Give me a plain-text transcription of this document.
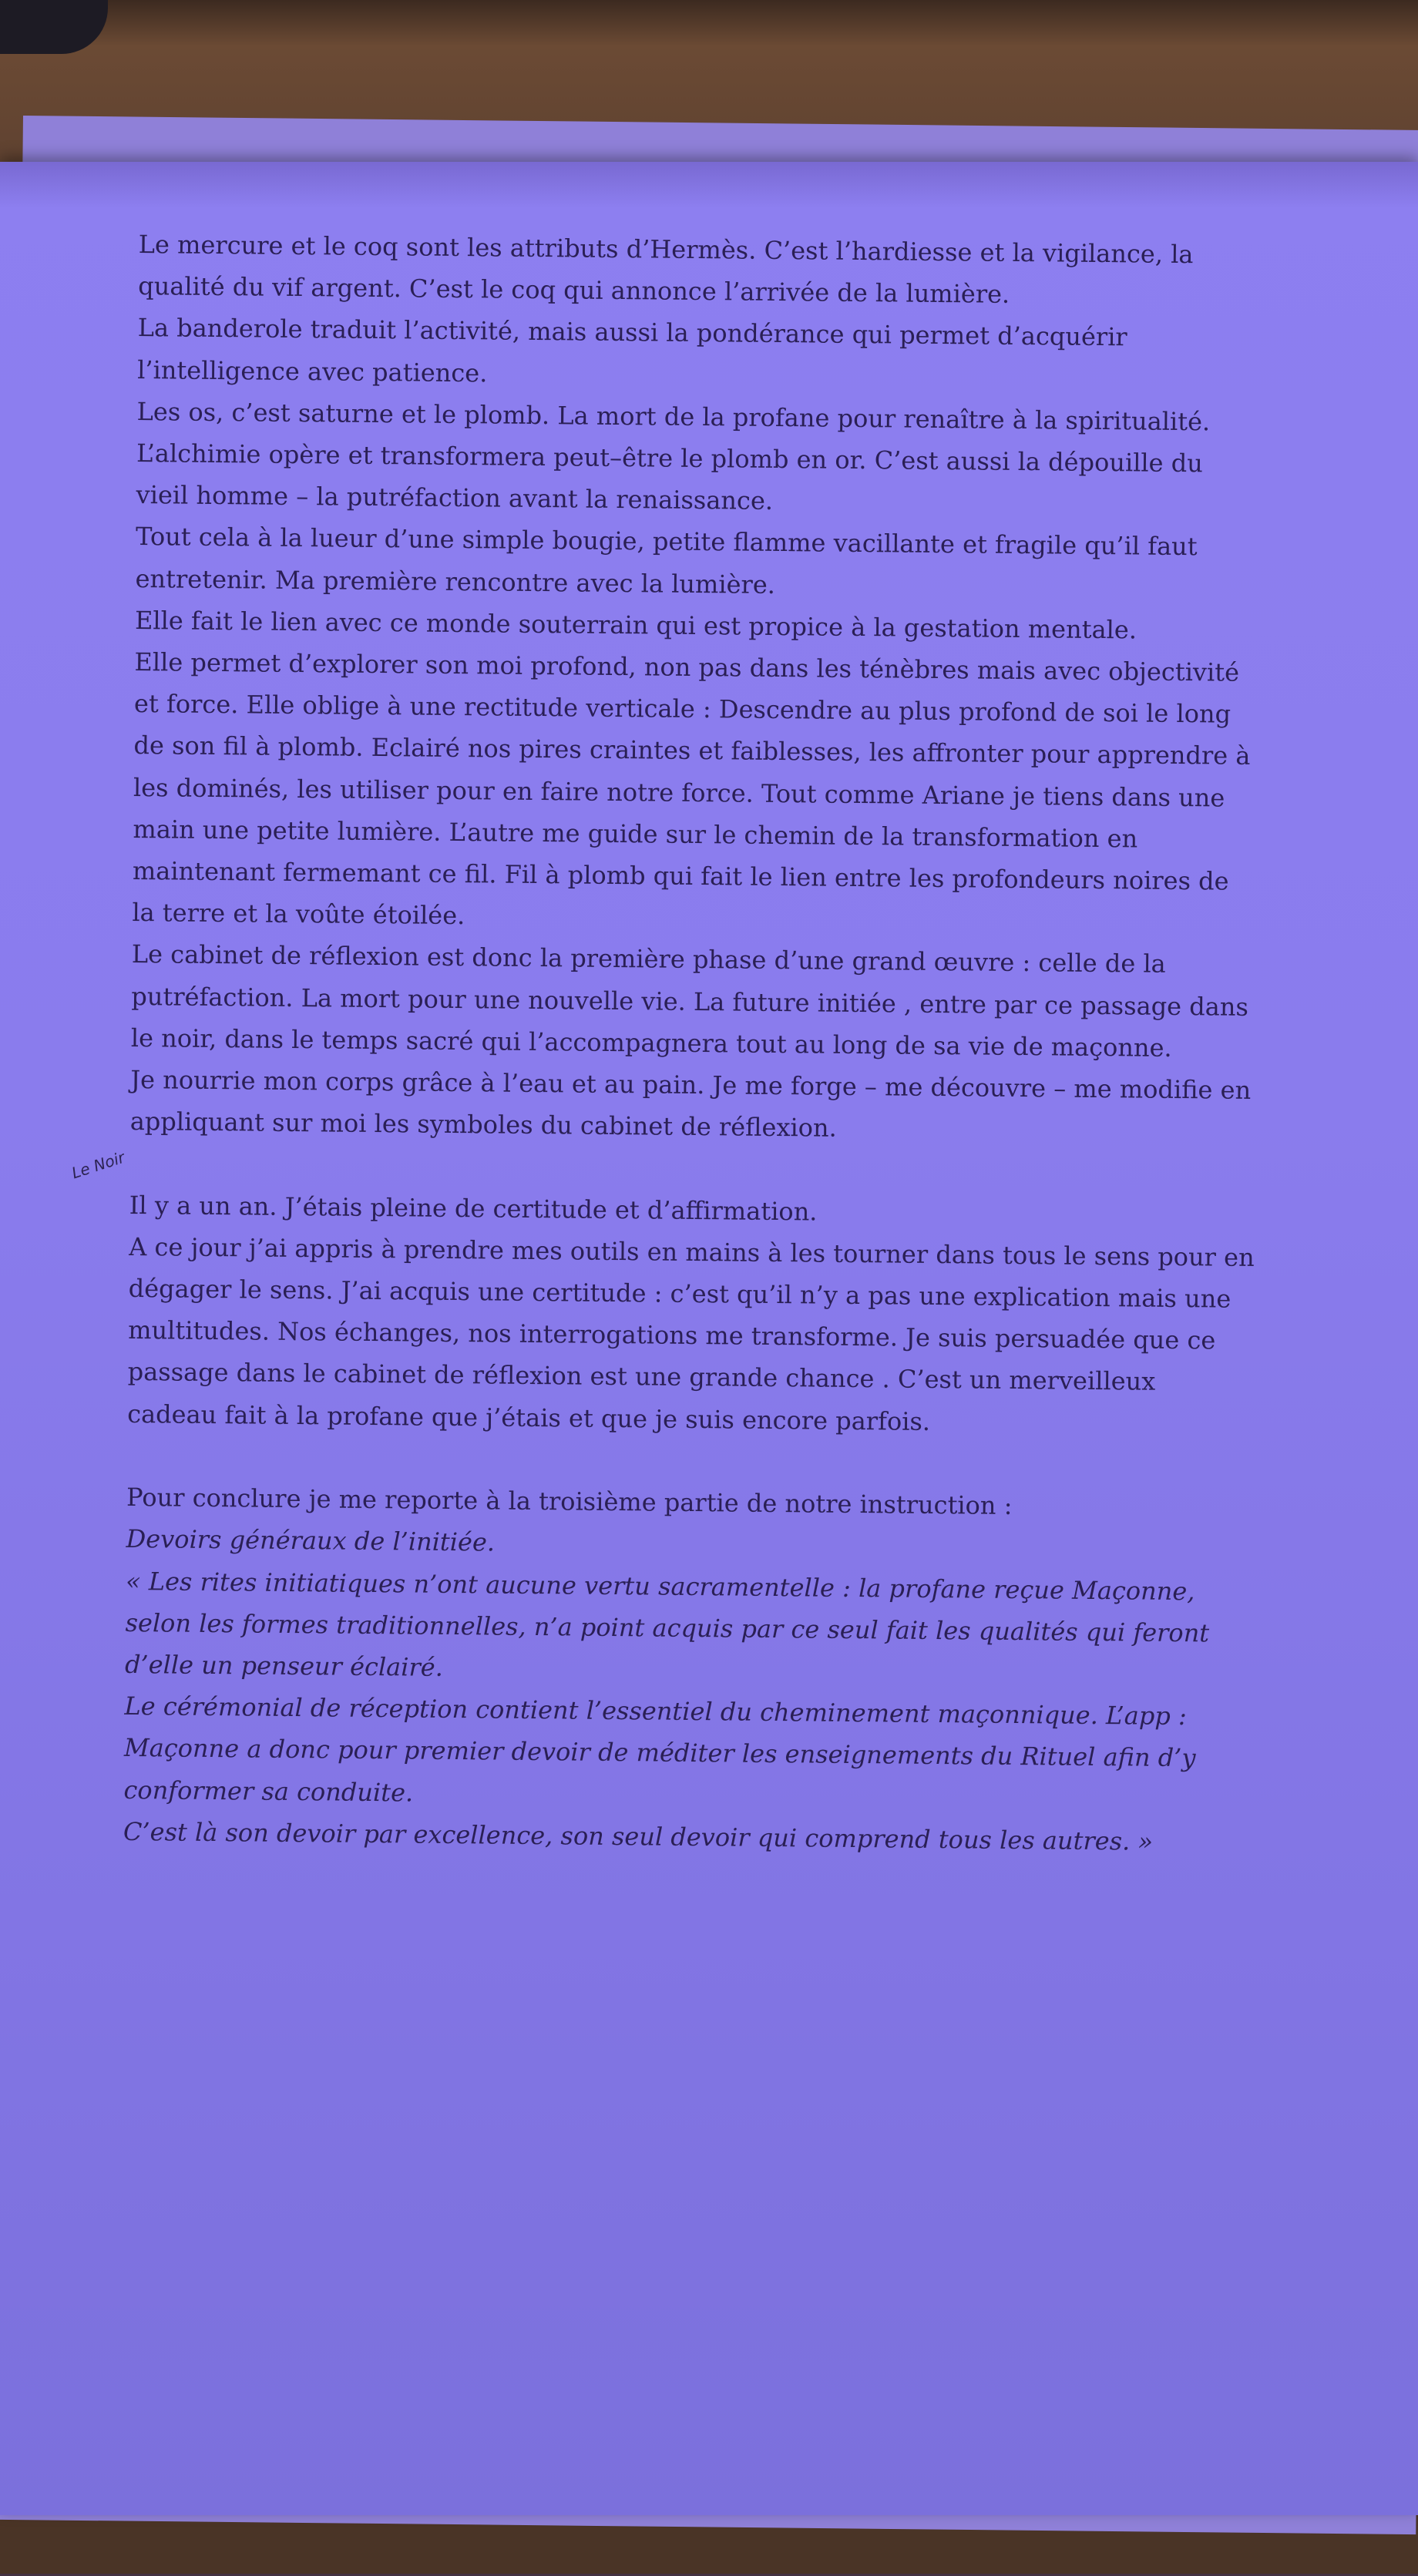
Le Noir

Le mercure et le coq sont les attributs d’Hermès. C’est l’hardiesse et la vigilance, la

qualité du vif argent. C’est le coq qui annonce l’arrivée de la lumière.

La banderole traduit l’activité, mais aussi la pondérance qui permet d’acquérir

l’intelligence avec patience.

Les os, c’est saturne et le plomb. La mort de la profane pour renaître à la spiritualité.

L’alchimie opère et transformera peut–être le plomb en or. C’est aussi la dépouille du

vieil homme – la putréfaction avant la renaissance.

Tout cela à la lueur d’une simple bougie, petite flamme vacillante et fragile qu’il faut

entretenir. Ma première rencontre avec la lumière.

Elle fait le lien avec ce monde souterrain qui est propice à la gestation mentale.

Elle permet d’explorer son moi profond, non pas dans les ténèbres mais avec objectivité

et force. Elle oblige à une rectitude verticale : Descendre au plus profond de soi le long

de son fil à plomb. Eclairé nos pires craintes et faiblesses, les affronter pour apprendre à

les dominés, les utiliser pour en faire notre force. Tout comme Ariane je tiens dans une

main une petite lumière. L’autre me guide sur le chemin de la transformation en

maintenant fermemant ce fil. Fil à plomb qui fait le lien entre les profondeurs noires de

la terre et la voûte étoilée.

Le cabinet de réflexion est donc la première phase d’une grand œuvre : celle de la

putréfaction. La mort pour une nouvelle vie. La future initiée , entre par ce passage dans

le noir, dans le temps sacré qui l’accompagnera tout au long de sa vie de maçonne.

Je nourrie mon corps grâce à l’eau et au pain. Je me forge – me découvre – me modifie en

appliquant sur moi les symboles du cabinet de réflexion.

Il y a un an. J’étais pleine de certitude et d’affirmation.

A ce jour j’ai appris à prendre mes outils en mains à les tourner dans tous le sens pour en

dégager le sens. J’ai acquis une certitude : c’est qu’il n’y a pas une explication mais une

multitudes. Nos échanges, nos interrogations me transforme. Je suis persuadée que ce

passage dans le cabinet de réflexion est une grande chance . C’est un merveilleux

cadeau fait à la profane que j’étais et que je suis encore parfois.

Pour conclure je me reporte à la troisième partie de notre instruction :

Devoirs généraux de l’initiée.

« Les rites initiatiques n’ont aucune vertu sacramentelle : la profane reçue Maçonne,

selon les formes traditionnelles, n’a point acquis par ce seul fait les qualités qui feront

d’elle un penseur éclairé.

Le cérémonial de réception contient l’essentiel du cheminement maçonnique. L’app :

Maçonne a donc pour premier devoir de méditer les enseignements du Rituel afin d’y

conformer sa conduite.

C’est là son devoir par excellence, son seul devoir qui comprend tous les autres. »
